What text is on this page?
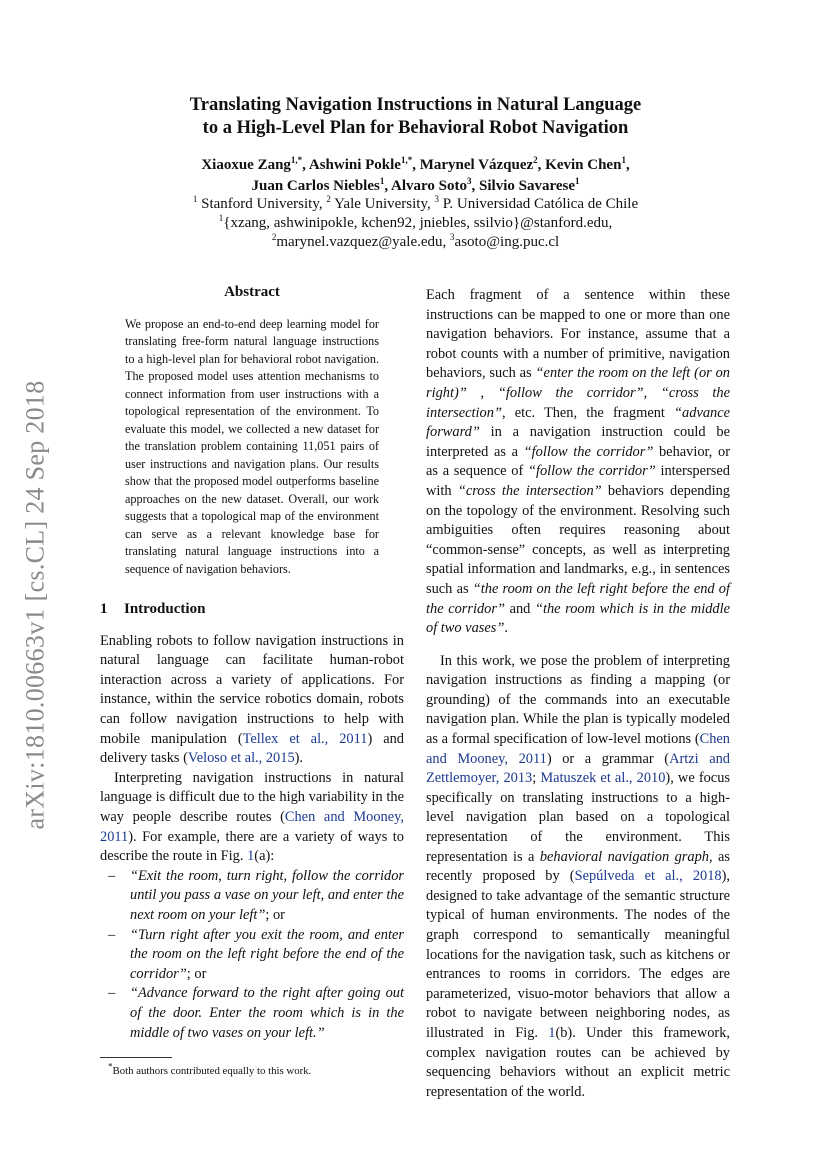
arXiv:1810.00663v1 [cs.CL] 24 Sep 2018
Translating Navigation Instructions in Natural Language
to a High-Level Plan for Behavioral Robot Navigation
Xiaoxue Zang$^{1,*}$, Ashwini Pokle$^{1,*}$, Marynel Vázquez$^2$, Kevin Chen$^1$,
Juan Carlos Niebles$^1$, Alvaro Soto$^3$, Silvio Savarese$^1$
$^1$ Stanford University, $^2$ Yale University, $^3$ P. Universidad Católica de Chile
$^1${xzang, ashwinipokle, kchen92, jniebles, ssilvio}@stanford.edu,
$^2$marynel.vazquez@yale.edu, $^3$asoto@ing.puc.cl
Abstract
We propose an end-to-end deep learning model for translating free-form natural language instructions to a high-level plan for behavioral robot navigation. The proposed model uses attention mechanisms to connect information from user instructions with a topological representation of the environment. To evaluate this model, we collected a new dataset for the translation problem containing 11,051 pairs of user instructions and navigation plans. Our results show that the proposed model outperforms baseline approaches on the new dataset. Overall, our work suggests that a topological map of the environment can serve as a relevant knowledge base for translating natural language instructions into a sequence of navigation behaviors.
1	Introduction

Enabling robots to follow navigation instructions in natural language can facilitate human-robot interaction across a variety of applications. For instance, within the service robotics domain, robots can follow navigation instructions to help with mobile manipulation (Tellex et al., 2011) and delivery tasks (Veloso et al., 2015).

Interpreting navigation instructions in natural language is difficult due to the high variability in the way people describe routes (Chen and Mooney, 2011). For example, there are a variety of ways to describe the route in Fig. 1(a):

– “Exit the room, turn right, follow the corridor until you pass a vase on your left, and enter the next room on your left”; or
– “Turn right after you exit the room, and enter the room on the left right before the end of the corridor”; or
– “Advance forward to the right after going out of the door. Enter the room which is in the middle of two vases on your left.”
*Both authors contributed equally to this work.

Each fragment of a sentence within these instructions can be mapped to one or more than one navigation behaviors. For instance, assume that a robot counts with a number of primitive, navigation behaviors, such as “enter the room on the left (or on right)” , “follow the corridor”, “cross the intersection”, etc. Then, the fragment “advance forward” in a navigation instruction could be interpreted as a “follow the corridor” behavior, or as a sequence of “follow the corridor” interspersed with “cross the intersection” behaviors depending on the topology of the environment. Resolving such ambiguities often requires reasoning about “common-sense” concepts, as well as interpreting spatial information and landmarks, e.g., in sentences such as “the room on the left right before the end of the corridor” and “the room which is in the middle of two vases”.

In this work, we pose the problem of interpreting navigation instructions as finding a mapping (or grounding) of the commands into an executable navigation plan. While the plan is typically modeled as a formal specification of low-level motions (Chen and Mooney, 2011) or a grammar (Artzi and Zettlemoyer, 2013; Matuszek et al., 2010), we focus specifically on translating instructions to a high-level navigation plan based on a topological representation of the environment. This representation is a behavioral navigation graph, as recently proposed by (Sepúlveda et al., 2018), designed to take advantage of the semantic structure typical of human environments. The nodes of the graph correspond to semantically meaningful locations for the navigation task, such as kitchens or entrances to rooms in corridors. The edges are parameterized, visuo-motor behaviors that allow a robot to navigate between neighboring nodes, as illustrated in Fig. 1(b). Under this framework, complex navigation routes can be achieved by sequencing behaviors without an explicit metric representation of the world.
